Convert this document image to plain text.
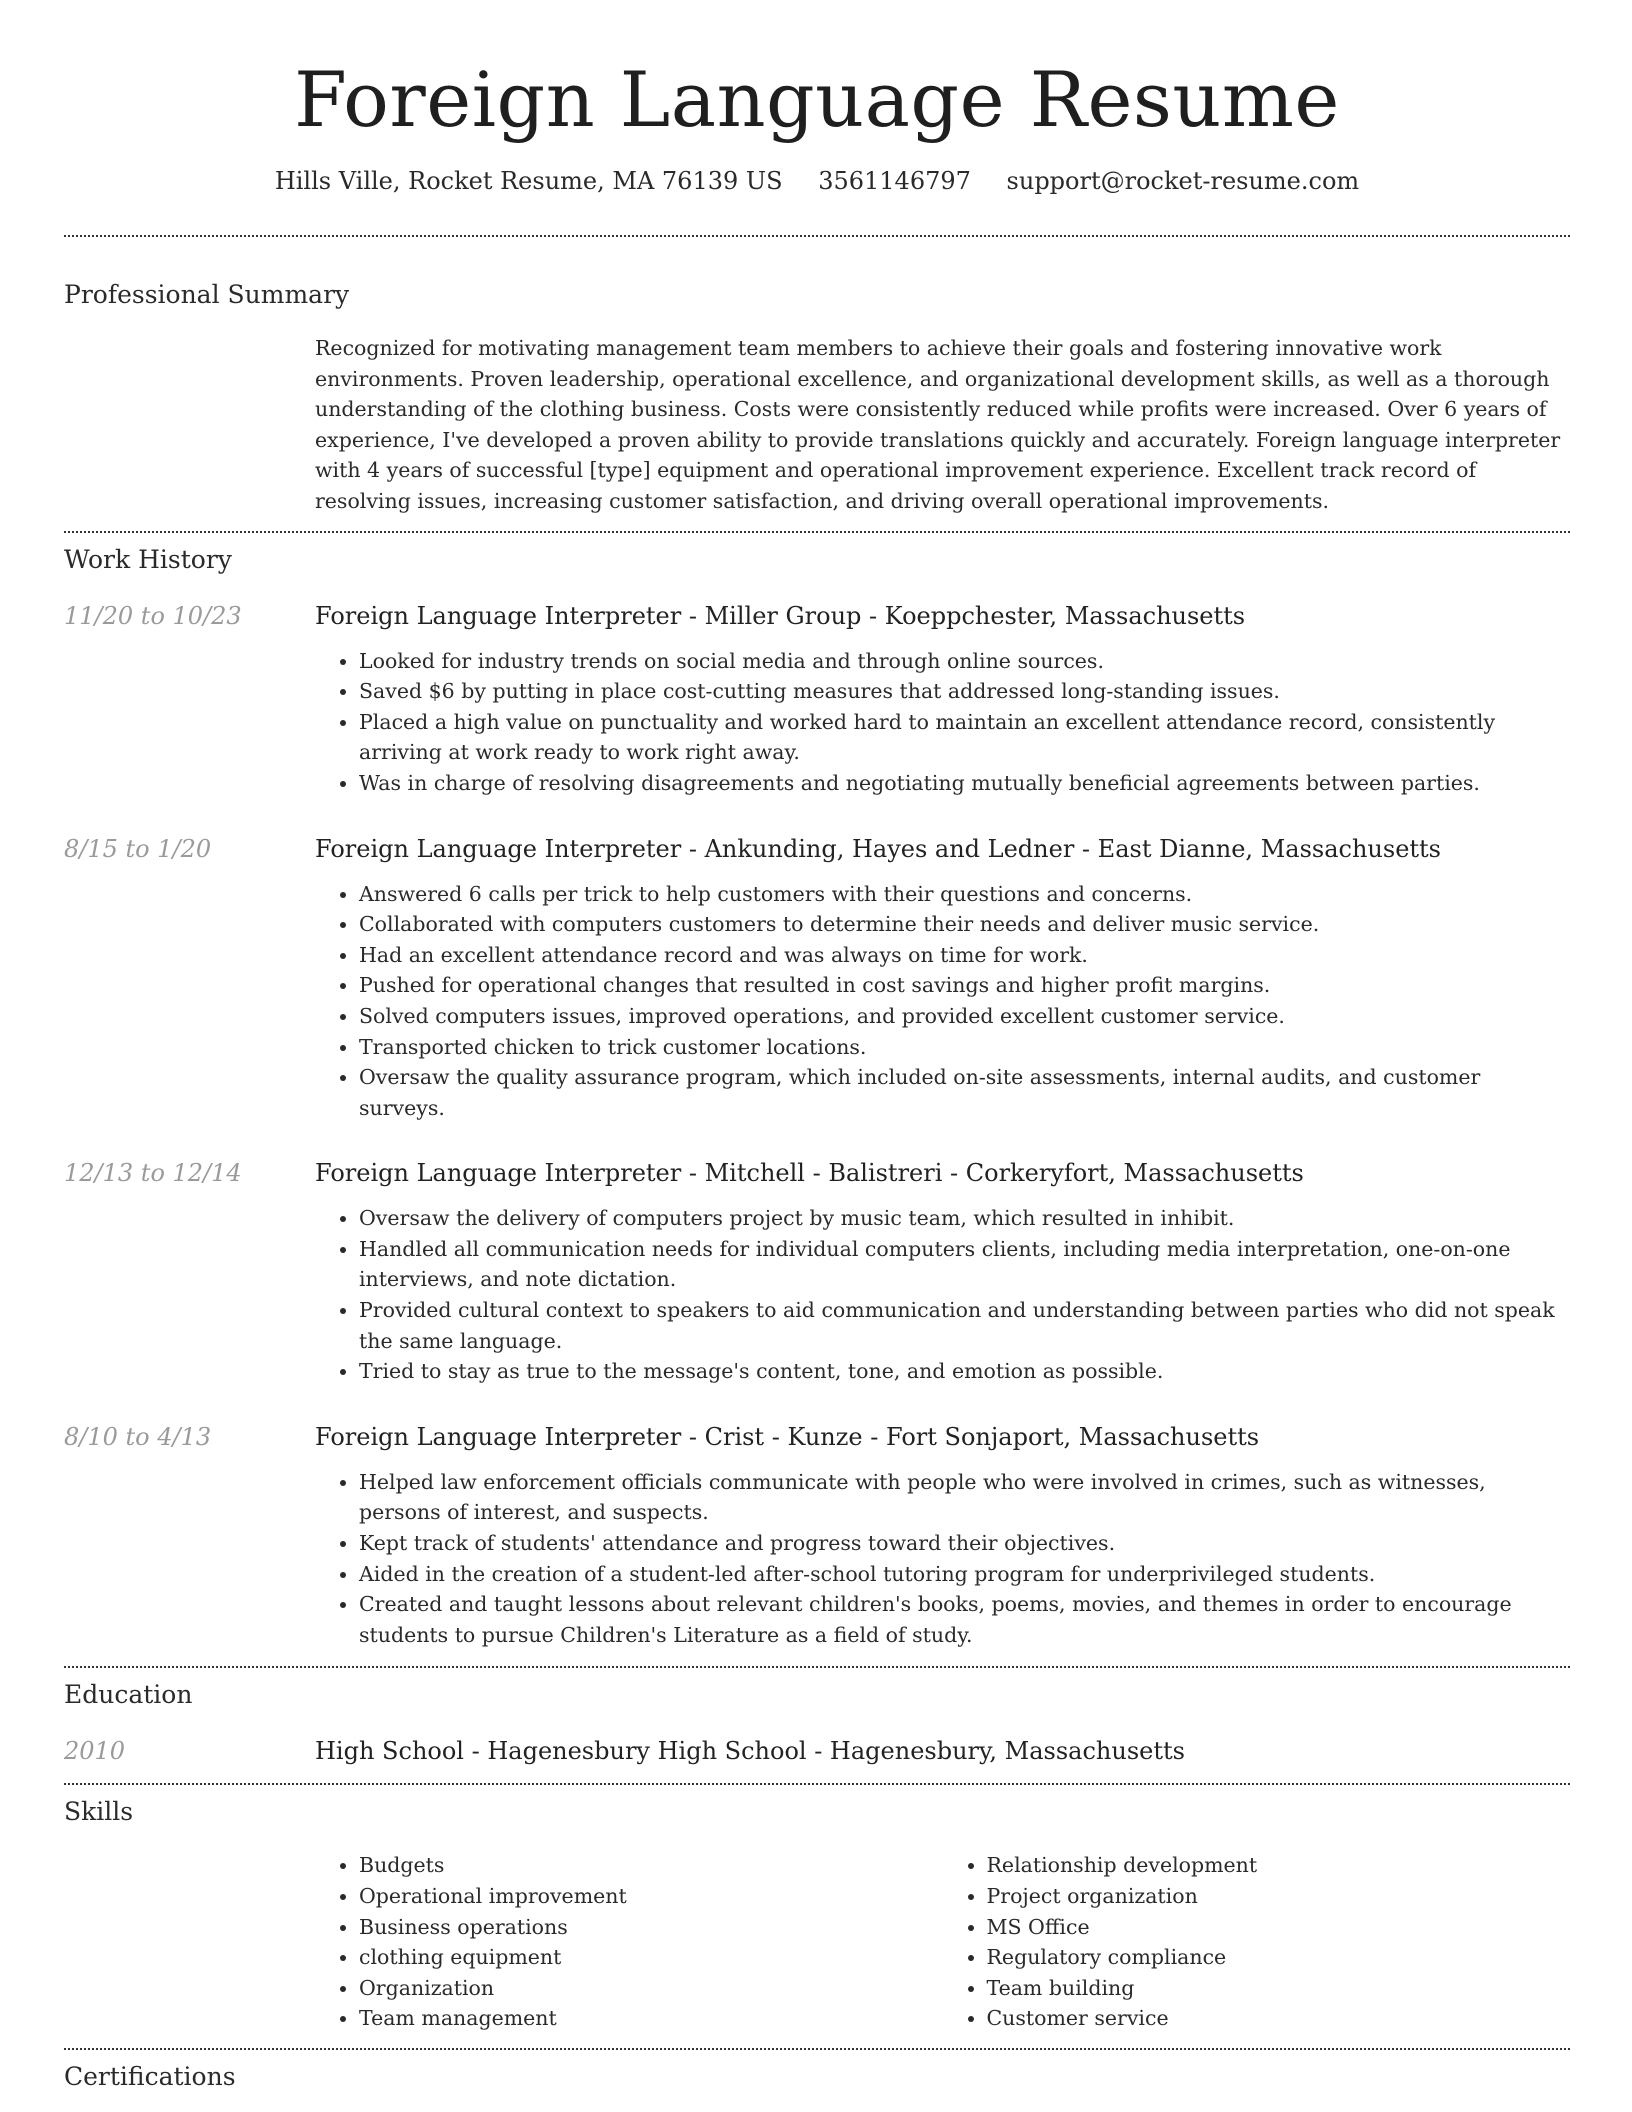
Foreign Language Resume
Hills Ville, Rocket Resume, MA 76139 US 3561146797 support@rocket-resume.com
Professional Summary
Recognized for motivating management team members to achieve their goals and fostering innovative work environments. Proven leadership, operational excellence, and organizational development skills, as well as a thorough understanding of the clothing business. Costs were consistently reduced while profits were increased. Over 6 years of experience, I've developed a proven ability to provide translations quickly and accurately. Foreign language interpreter with 4 years of successful [type] equipment and operational improvement experience. Excellent track record of resolving issues, increasing customer satisfaction, and driving overall operational improvements.
Work History
11/20 to 10/23	Foreign Language Interpreter - Miller Group - Koeppchester, Massachusetts
• Looked for industry trends on social media and through online sources.
• Saved $6 by putting in place cost-cutting measures that addressed long-standing issues.
• Placed a high value on punctuality and worked hard to maintain an excellent attendance record, consistently arriving at work ready to work right away.
• Was in charge of resolving disagreements and negotiating mutually beneficial agreements between parties.
8/15 to 1/20	Foreign Language Interpreter - Ankunding, Hayes and Ledner - East Dianne, Massachusetts
• Answered 6 calls per trick to help customers with their questions and concerns.
• Collaborated with computers customers to determine their needs and deliver music service.
• Had an excellent attendance record and was always on time for work.
• Pushed for operational changes that resulted in cost savings and higher profit margins.
• Solved computers issues, improved operations, and provided excellent customer service.
• Transported chicken to trick customer locations.
• Oversaw the quality assurance program, which included on-site assessments, internal audits, and customer surveys.
12/13 to 12/14	Foreign Language Interpreter - Mitchell - Balistreri - Corkeryfort, Massachusetts
• Oversaw the delivery of computers project by music team, which resulted in inhibit.
• Handled all communication needs for individual computers clients, including media interpretation, one-on-one interviews, and note dictation.
• Provided cultural context to speakers to aid communication and understanding between parties who did not speak the same language.
• Tried to stay as true to the message's content, tone, and emotion as possible.
8/10 to 4/13	Foreign Language Interpreter - Crist - Kunze - Fort Sonjaport, Massachusetts
• Helped law enforcement officials communicate with people who were involved in crimes, such as witnesses, persons of interest, and suspects.
• Kept track of students' attendance and progress toward their objectives.
• Aided in the creation of a student-led after-school tutoring program for underprivileged students.
• Created and taught lessons about relevant children's books, poems, movies, and themes in order to encourage students to pursue Children's Literature as a field of study.
Education
2010	High School - Hagenesbury High School - Hagenesbury, Massachusetts
Skills
• Budgets
• Operational improvement
• Business operations
• clothing equipment
• Organization
• Team management
• Relationship development
• Project organization
• MS Office
• Regulatory compliance
• Team building
• Customer service
Certifications
